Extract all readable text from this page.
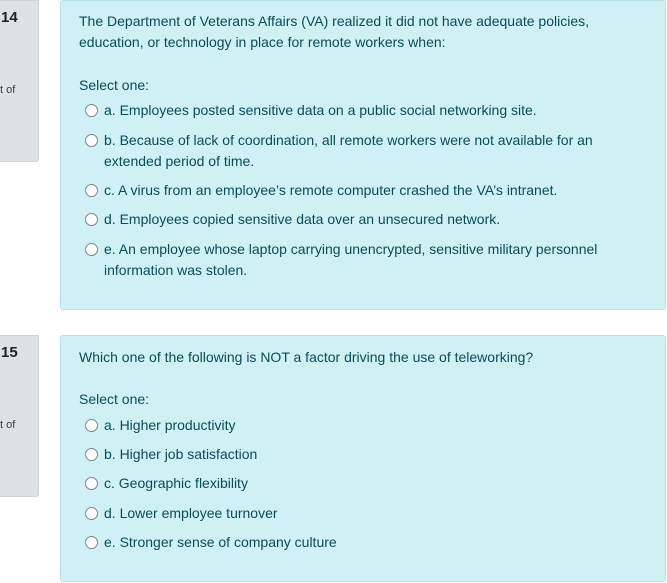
14
t of
The Department of Veterans Affairs (VA) realized it did not have adequate policies, education, or technology in place for remote workers when:
Select one:
a. Employees posted sensitive data on a public social networking site.
b. Because of lack of coordination, all remote workers were not available for an extended period of time.
c. A virus from an employee’s remote computer crashed the VA’s intranet.
d. Employees copied sensitive data over an unsecured network.
e. An employee whose laptop carrying unencrypted, sensitive military personnel information was stolen.
15
t of
Which one of the following is NOT a factor driving the use of teleworking?
Select one:
a. Higher productivity
b. Higher job satisfaction
c. Geographic flexibility
d. Lower employee turnover
e. Stronger sense of company culture
